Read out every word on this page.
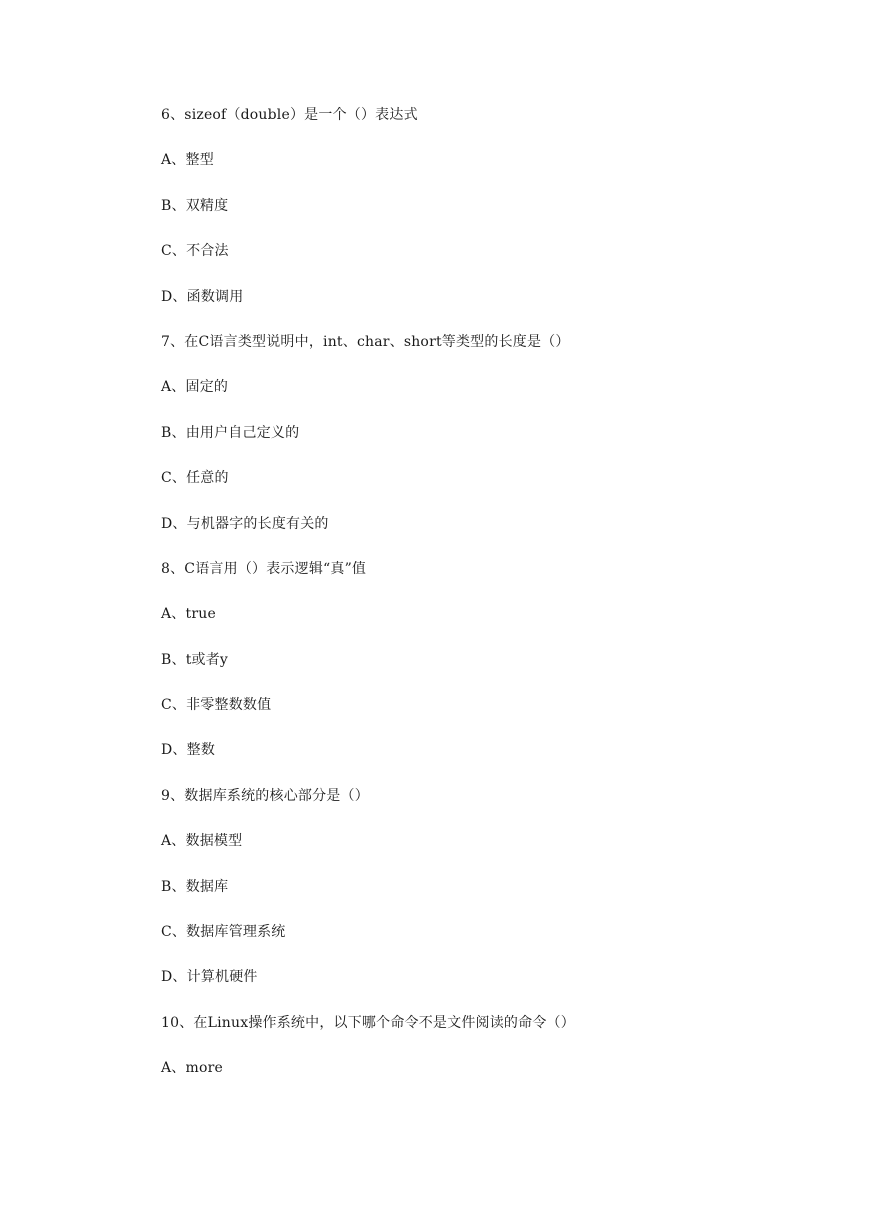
6、sizeof（double）是一个（）表达式
A、整型
B、双精度
C、不合法
D、函数调用
7、在C语言类型说明中，int、char、short等类型的长度是（）
A、固定的
B、由用户自己定义的
C、任意的
D、与机器字的长度有关的
8、C语言用（）表示逻辑“真”值
A、true
B、t或者y
C、非零整数数值
D、整数
9、数据库系统的核心部分是（）
A、数据模型
B、数据库
C、数据库管理系统
D、计算机硬件
10、在Linux操作系统中，以下哪个命令不是文件阅读的命令（）
A、more
